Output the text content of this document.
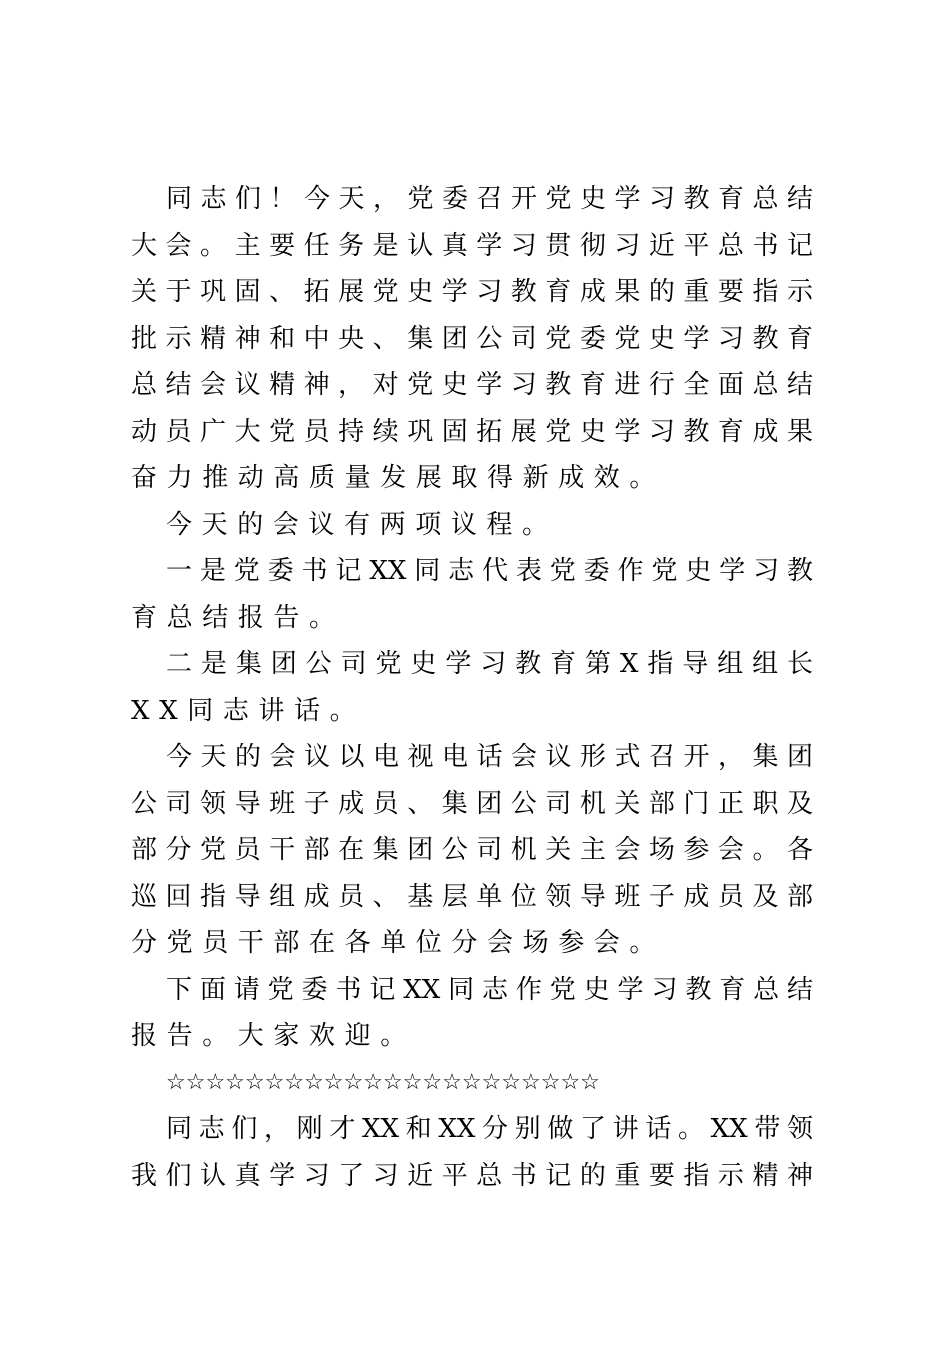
同志们！今天，党委召开党史学习教育总结
大会。主要任务是认真学习贯彻习近平总书记
关于巩固、拓展党史学习教育成果的重要指示
批示精神和中央、集团公司党委党史学习教育
总结会议精神，对党史学习教育进行全面总结
动员广大党员持续巩固拓展党史学习教育成果
奋力推动高质量发展取得新成效。
今天的会议有两项议程。
一是党委书记XX同志代表党委作党史学习教
育总结报告。
二是集团公司党史学习教育第X指导组组长
XX同志讲话。
今天的会议以电视电话会议形式召开，集团
公司领导班子成员、集团公司机关部门正职及
部分党员干部在集团公司机关主会场参会。各
巡回指导组成员、基层单位领导班子成员及部
分党员干部在各单位分会场参会。
下面请党委书记XX同志作党史学习教育总结
报告。大家欢迎。
☆☆☆☆☆☆☆☆☆☆☆☆☆☆☆☆☆☆☆☆☆☆
同志们，刚才XX和XX分别做了讲话。XX带领
我们认真学习了习近平总书记的重要指示精神
